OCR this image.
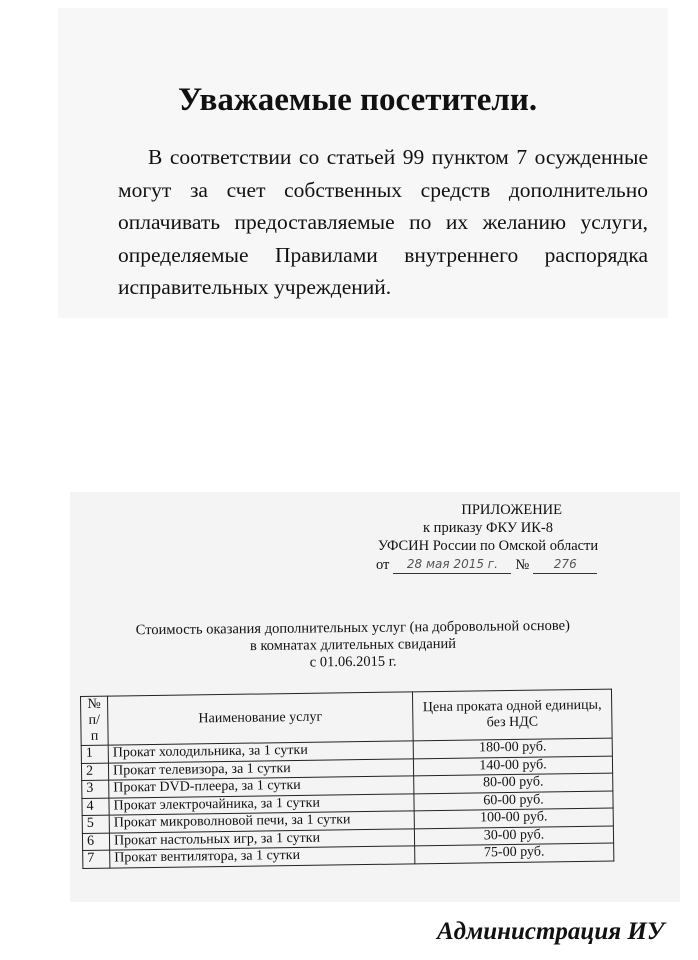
Уважаемые посетители.
В соответствии со статьей 99 пунктом 7 осужденные могут за счет собственных средств дополнительно оплачивать предоставляемые по их желанию услуги, определяемые Правилами внутреннего распорядка исправительных учреждений.
ПРИЛОЖЕНИЕ
к приказу ФКУ ИК-8
УФСИН России по Омской области
от	28 мая 2015 г.	№	276
Стоимость оказания дополнительных услуг (на добровольной основе)
в комнатах длительных свиданий
с 01.06.2015 г.
№ п/п	Наименование услуг	Цена проката одной единицы, без НДС
1	Прокат холодильника, за 1 сутки	180-00 руб.
2	Прокат телевизора, за 1 сутки	140-00 руб.
3	Прокат DVD-плеера, за 1 сутки	80-00 руб.
4	Прокат электрочайника, за 1 сутки	60-00 руб.
5	Прокат микроволновой печи, за 1 сутки	100-00 руб.
6	Прокат настольных игр, за 1 сутки	30-00 руб.
7	Прокат вентилятора, за 1 сутки	75-00 руб.
Администрация ИУ
